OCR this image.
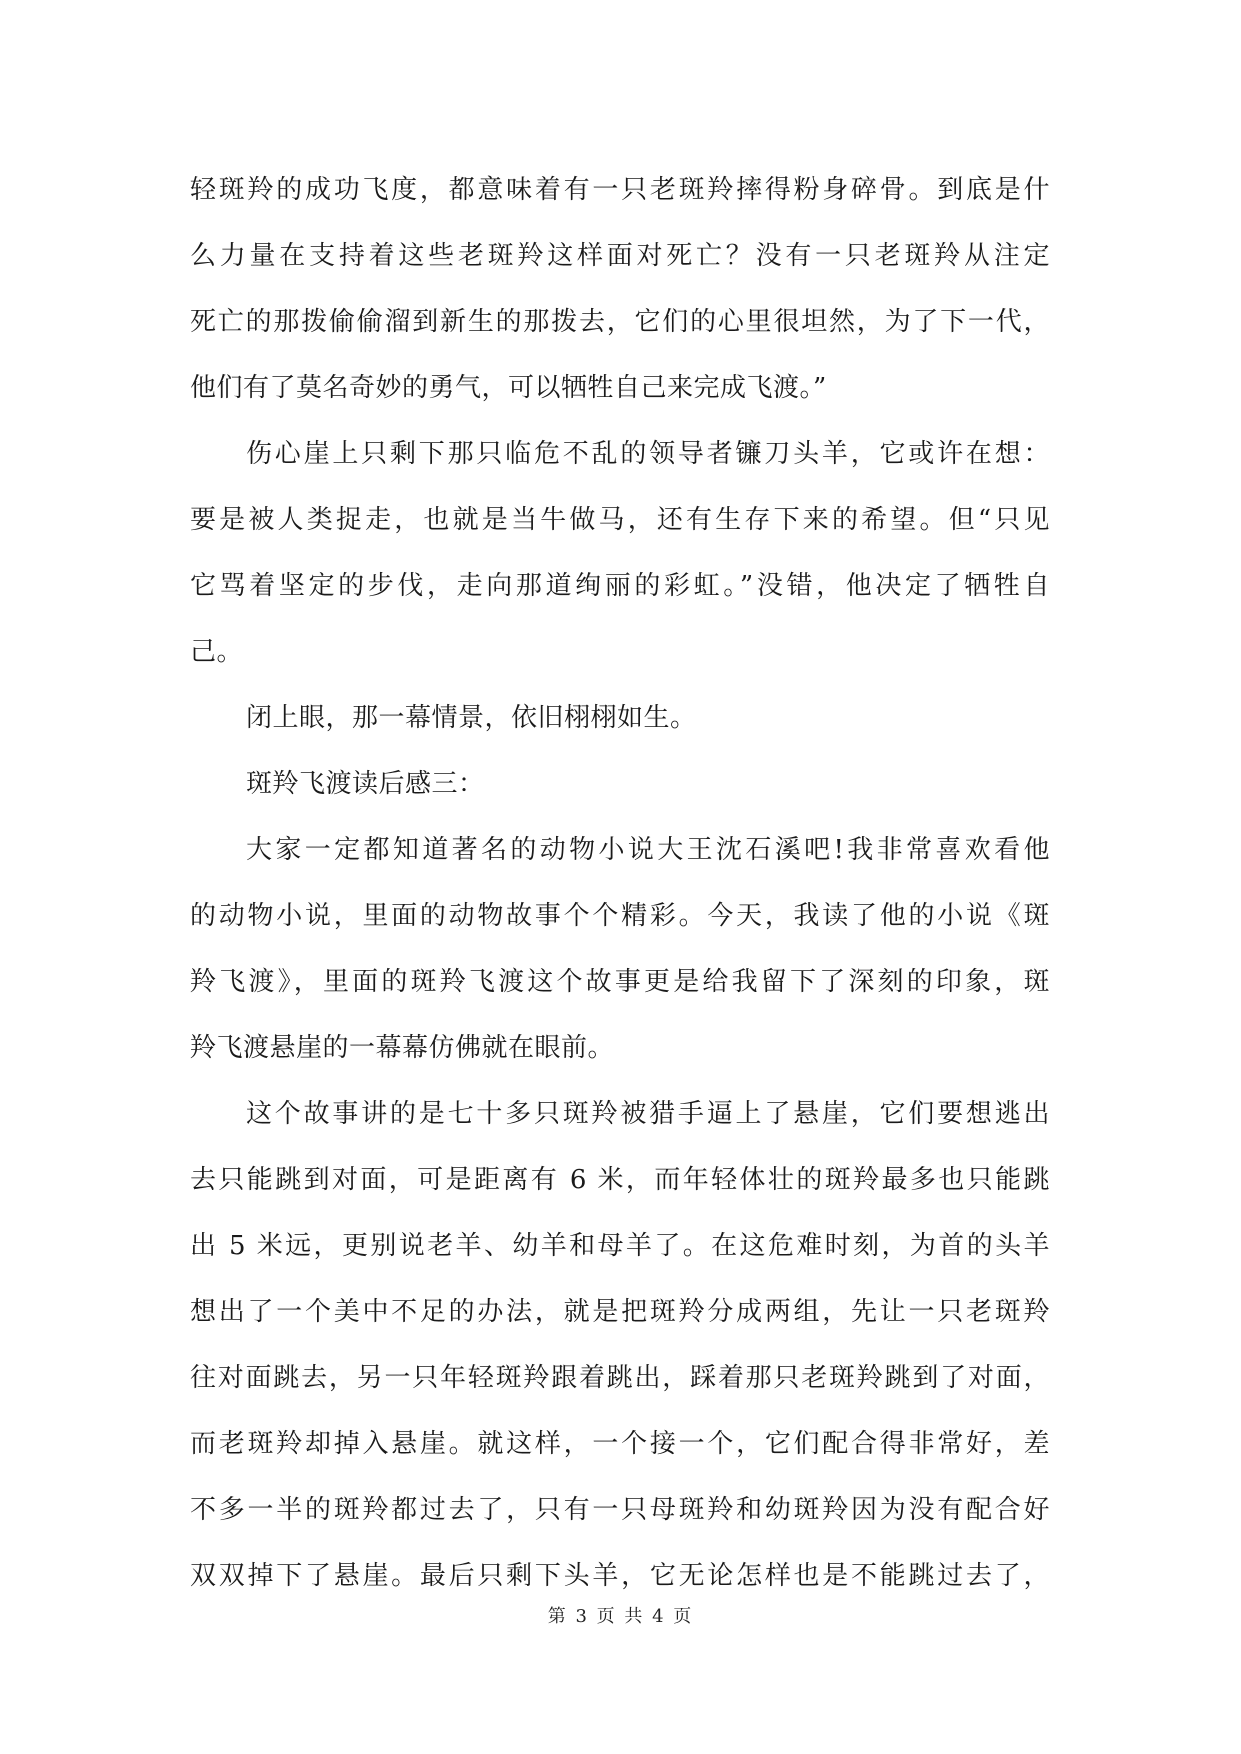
轻斑羚的成功飞度，都意味着有一只老斑羚摔得粉身碎骨。到底是什
么力量在支持着这些老斑羚这样面对死亡？没有一只老斑羚从注定
死亡的那拨偷偷溜到新生的那拨去，它们的心里很坦然，为了下一代，
他们有了莫名奇妙的勇气，可以牺牲自己来完成飞渡。”
伤心崖上只剩下那只临危不乱的领导者镰刀头羊，它或许在想：
要是被人类捉走，也就是当牛做马，还有生存下来的希望。但“只见
它骂着坚定的步伐，走向那道绚丽的彩虹。”没错，他决定了牺牲自
己。
闭上眼，那一幕情景，依旧栩栩如生。
斑羚飞渡读后感三：
大家一定都知道著名的动物小说大王沈石溪吧!我非常喜欢看他
的动物小说，里面的动物故事个个精彩。今天，我读了他的小说《斑
羚飞渡》，里面的斑羚飞渡这个故事更是给我留下了深刻的印象，斑
羚飞渡悬崖的一幕幕仿佛就在眼前。
这个故事讲的是七十多只斑羚被猎手逼上了悬崖，它们要想逃出
去只能跳到对面，可是距离有 6 米，而年轻体壮的斑羚最多也只能跳
出 5 米远，更别说老羊、幼羊和母羊了。在这危难时刻，为首的头羊
想出了一个美中不足的办法，就是把斑羚分成两组，先让一只老斑羚
往对面跳去，另一只年轻斑羚跟着跳出，踩着那只老斑羚跳到了对面，
而老斑羚却掉入悬崖。就这样，一个接一个，它们配合得非常好，差
不多一半的斑羚都过去了，只有一只母斑羚和幼斑羚因为没有配合好
双双掉下了悬崖。最后只剩下头羊，它无论怎样也是不能跳过去了，
第 3 页 共 4 页
